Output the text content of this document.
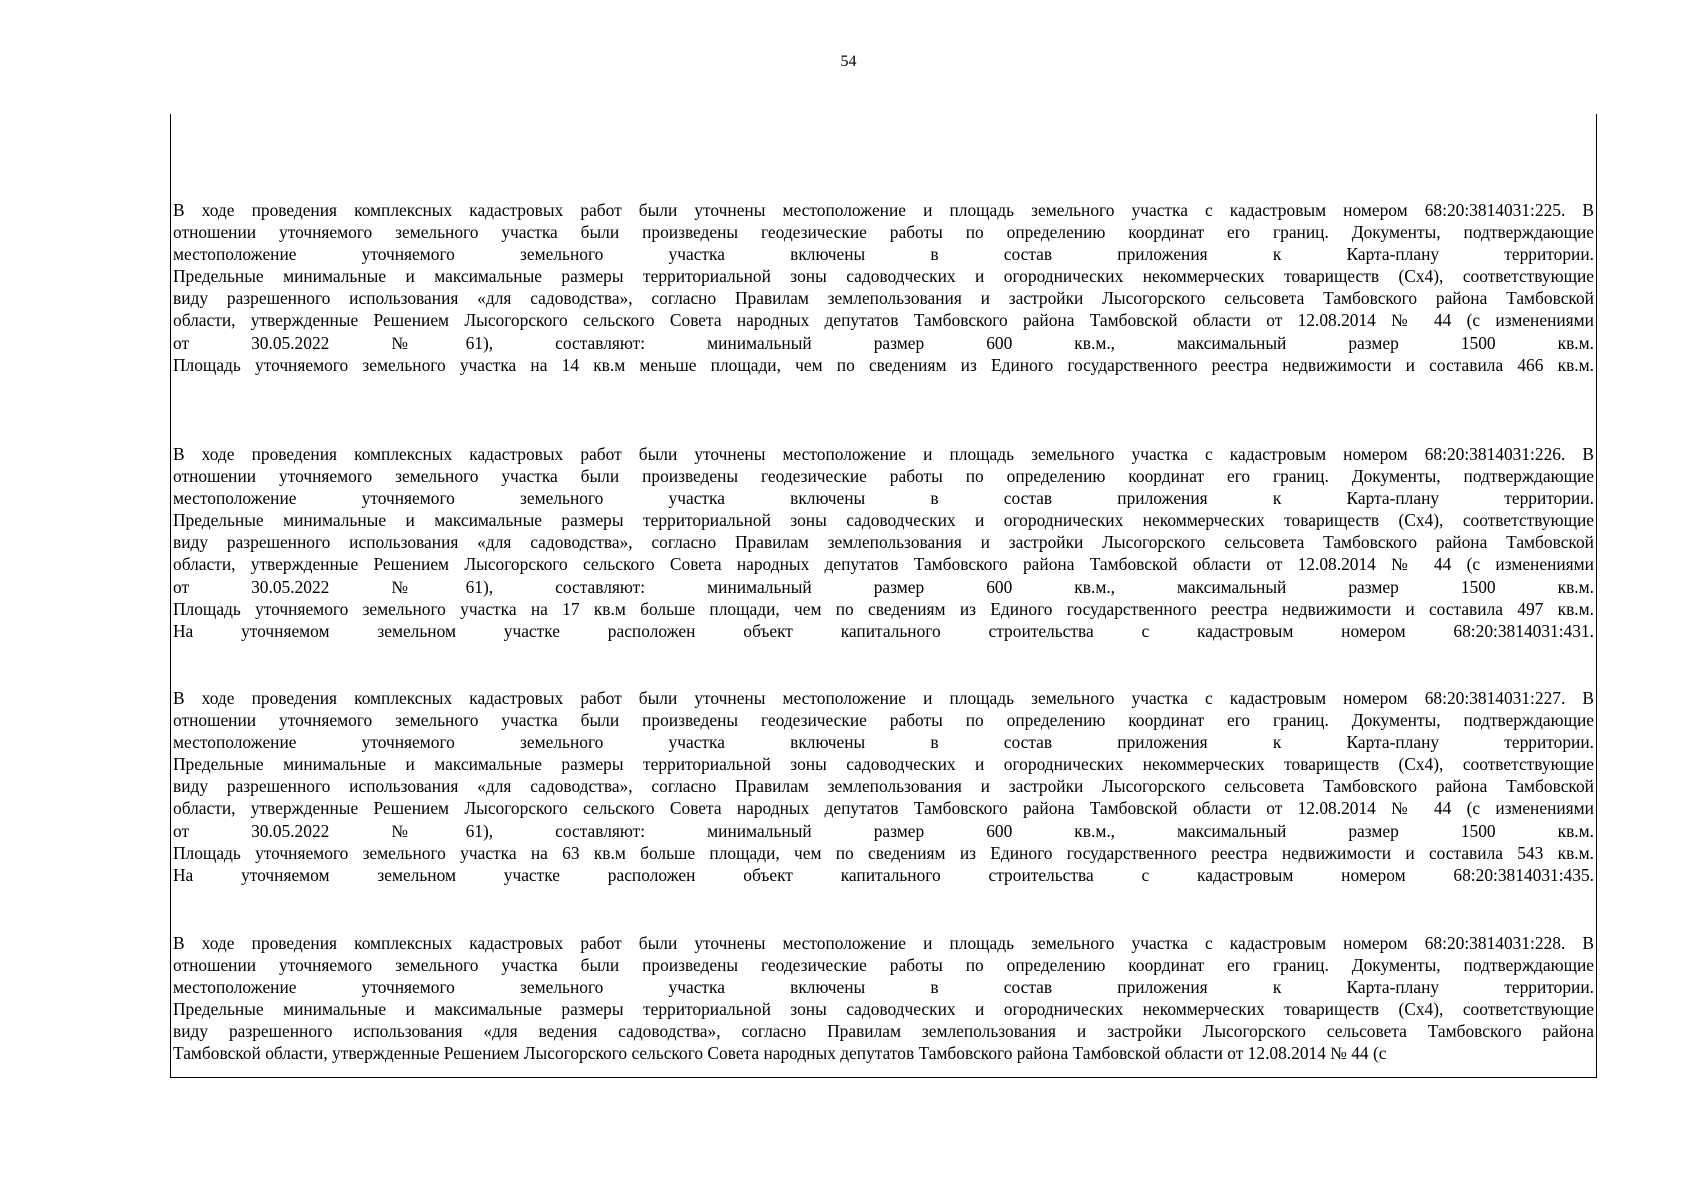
54
В ходе проведения комплексных кадастровых работ были уточнены местоположение и площадь земельного участка с кадастровым номером 68:20:3814031:225. В
отношении уточняемого земельного участка были произведены геодезические работы по определению координат его границ. Документы, подтверждающие
местоположение уточняемого земельного участка включены в состав приложения к Карта-плану территории.
Предельные минимальные и максимальные размеры территориальной зоны садоводческих и огороднических некоммерческих товариществ (Сх4), соответствующие
виду разрешенного использования «для садоводства», согласно Правилам землепользования и застройки Лысогорского сельсовета Тамбовского района Тамбовской
области, утвержденные Решением Лысогорского сельского Совета народных депутатов Тамбовского района Тамбовской области от 12.08.2014 № 44 (с изменениями
от 30.05.2022 №61), составляют: минимальный размер 600 кв.м., максимальный размер 1500 кв.м.
Площадь уточняемого земельного участка на 14 кв.м меньше площади, чем по сведениям из Единого государственного реестра недвижимости и составила 466 кв.м.
В ходе проведения комплексных кадастровых работ были уточнены местоположение и площадь земельного участка с кадастровым номером 68:20:3814031:226. В
отношении уточняемого земельного участка были произведены геодезические работы по определению координат его границ. Документы, подтверждающие
местоположение уточняемого земельного участка включены в состав приложения к Карта-плану территории.
Предельные минимальные и максимальные размеры территориальной зоны садоводческих и огороднических некоммерческих товариществ (Сх4), соответствующие
виду разрешенного использования «для садоводства», согласно Правилам землепользования и застройки Лысогорского сельсовета Тамбовского района Тамбовской
области, утвержденные Решением Лысогорского сельского Совета народных депутатов Тамбовского района Тамбовской области от 12.08.2014 № 44 (с изменениями
от 30.05.2022 №61), составляют: минимальный размер 600 кв.м., максимальный размер 1500 кв.м.
Площадь уточняемого земельного участка на 17 кв.м больше площади, чем по сведениям из Единого государственного реестра недвижимости и составила 497 кв.м.
На уточняемом земельном участке расположен объект капитального строительства с кадастровым номером 68:20:3814031:431.
В ходе проведения комплексных кадастровых работ были уточнены местоположение и площадь земельного участка с кадастровым номером 68:20:3814031:227. В
отношении уточняемого земельного участка были произведены геодезические работы по определению координат его границ. Документы, подтверждающие
местоположение уточняемого земельного участка включены в состав приложения к Карта-плану территории.
Предельные минимальные и максимальные размеры территориальной зоны садоводческих и огороднических некоммерческих товариществ (Сх4), соответствующие
виду разрешенного использования «для садоводства», согласно Правилам землепользования и застройки Лысогорского сельсовета Тамбовского района Тамбовской
области, утвержденные Решением Лысогорского сельского Совета народных депутатов Тамбовского района Тамбовской области от 12.08.2014 № 44 (с изменениями
от 30.05.2022 №61), составляют: минимальный размер 600 кв.м., максимальный размер 1500 кв.м.
Площадь уточняемого земельного участка на 63 кв.м больше площади, чем по сведениям из Единого государственного реестра недвижимости и составила 543 кв.м.
На уточняемом земельном участке расположен объект капитального строительства с кадастровым номером 68:20:3814031:435.
В ходе проведения комплексных кадастровых работ были уточнены местоположение и площадь земельного участка с кадастровым номером 68:20:3814031:228. В
отношении уточняемого земельного участка были произведены геодезические работы по определению координат его границ. Документы, подтверждающие
местоположение уточняемого земельного участка включены в состав приложения к Карта-плану территории.
Предельные минимальные и максимальные размеры территориальной зоны садоводческих и огороднических некоммерческих товариществ (Сх4), соответствующие
виду разрешенного использования «для ведения садоводства», согласно Правилам землепользования и застройки Лысогорского сельсовета Тамбовского района
Тамбовской области, утвержденные Решением Лысогорского сельского Совета народных депутатов Тамбовского района Тамбовской области от 12.08.2014 № 44 (с
